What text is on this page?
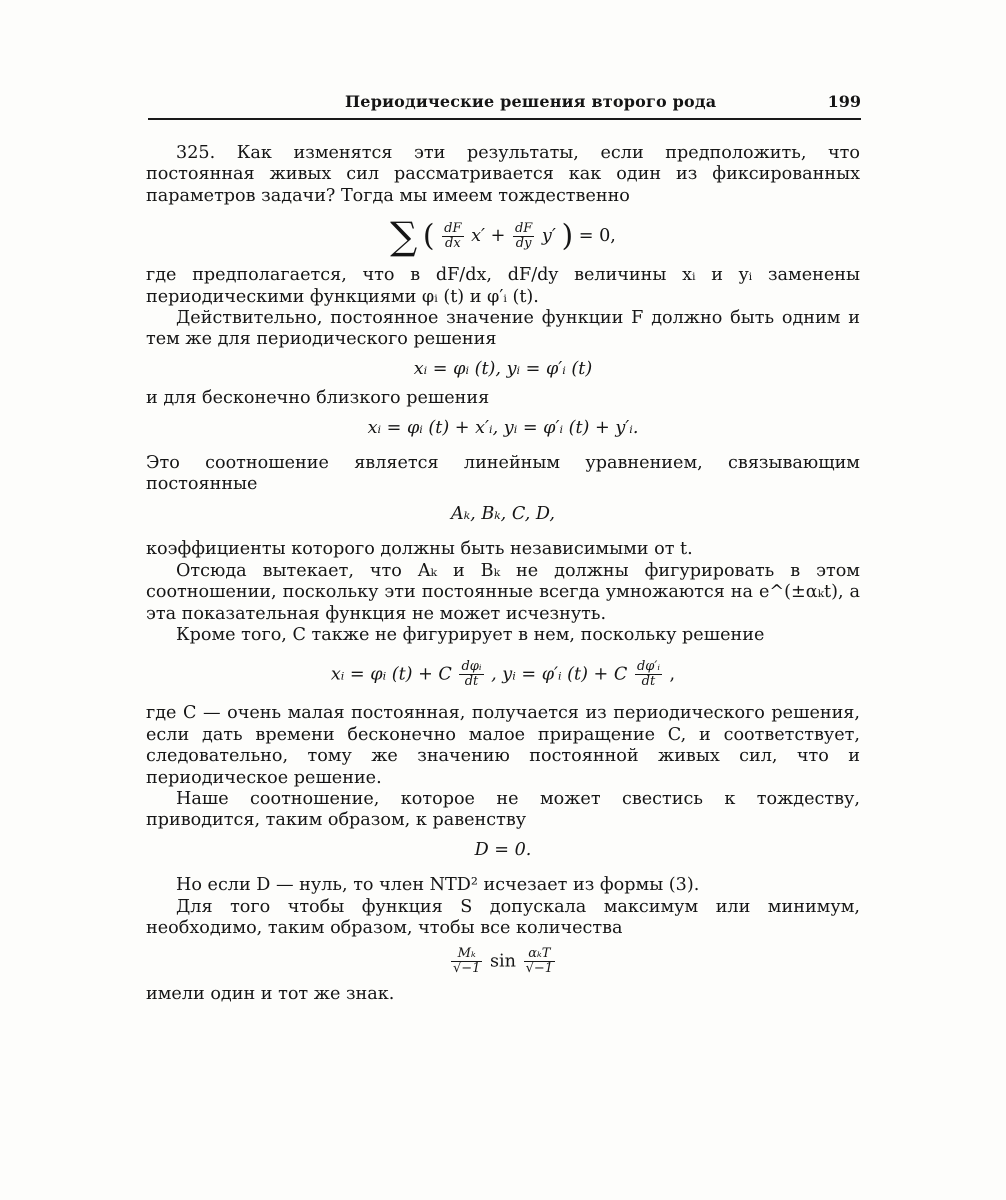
Периодические решения второго рода	199

325. Как изменятся эти результаты, если предположить, что постоянная живых сил рассматривается как один из фиксированных параметров задачи? Тогда мы имеем тождественно

∑ ( $\frac{dF}{dx} x' + \frac{dF}{dy} y'$ ) = 0,

где предполагается, что в dF/dx, dF/dy величины xᵢ и yᵢ заменены периодическими функциями φᵢ (t) и φ′ᵢ (t).

Действительно, постоянное значение функции F должно быть одним и тем же для периодического решения

xᵢ = φᵢ (t), yᵢ = φ′ᵢ (t)

и для бесконечно близкого решения

xᵢ = φᵢ (t) + x′ᵢ, yᵢ = φ′ᵢ (t) + y′ᵢ.

Это соотношение является линейным уравнением, связывающим постоянные

Aₖ, Bₖ, C, D,

коэффициенты которого должны быть независимыми от t.

Отсюда вытекает, что Aₖ и Bₖ не должны фигурировать в этом соотношении, поскольку эти постоянные всегда умножаются на e^(±αₖt), а эта показательная функция не может исчезнуть.

Кроме того, C также не фигурирует в нем, поскольку решение

xᵢ = φᵢ (t) + C $\frac{\text{dφᵢ}}{dt}$ , yᵢ = φ′ᵢ (t) + C $\frac{\text{dφ′ᵢ}}{dt}$ ,

где C — очень малая постоянная, получается из периодического решения, если дать времени бесконечно малое приращение C, и соответствует, следовательно, тому же значению постоянной живых сил, что и периодическое решение.

Наше соотношение, которое не может свестись к тождеству, приводится, таким образом, к равенству

D = 0.

Но если D — нуль, то член NTD² исчезает из формы (3).

Для того чтобы функция S допускала максимум или минимум, необходимо, таким образом, чтобы все количества

$\frac{\text{Mₖ}}{√-1}$ $\sin \frac{\text{αₖT}}{√-1}$

имели один и тот же знак.
